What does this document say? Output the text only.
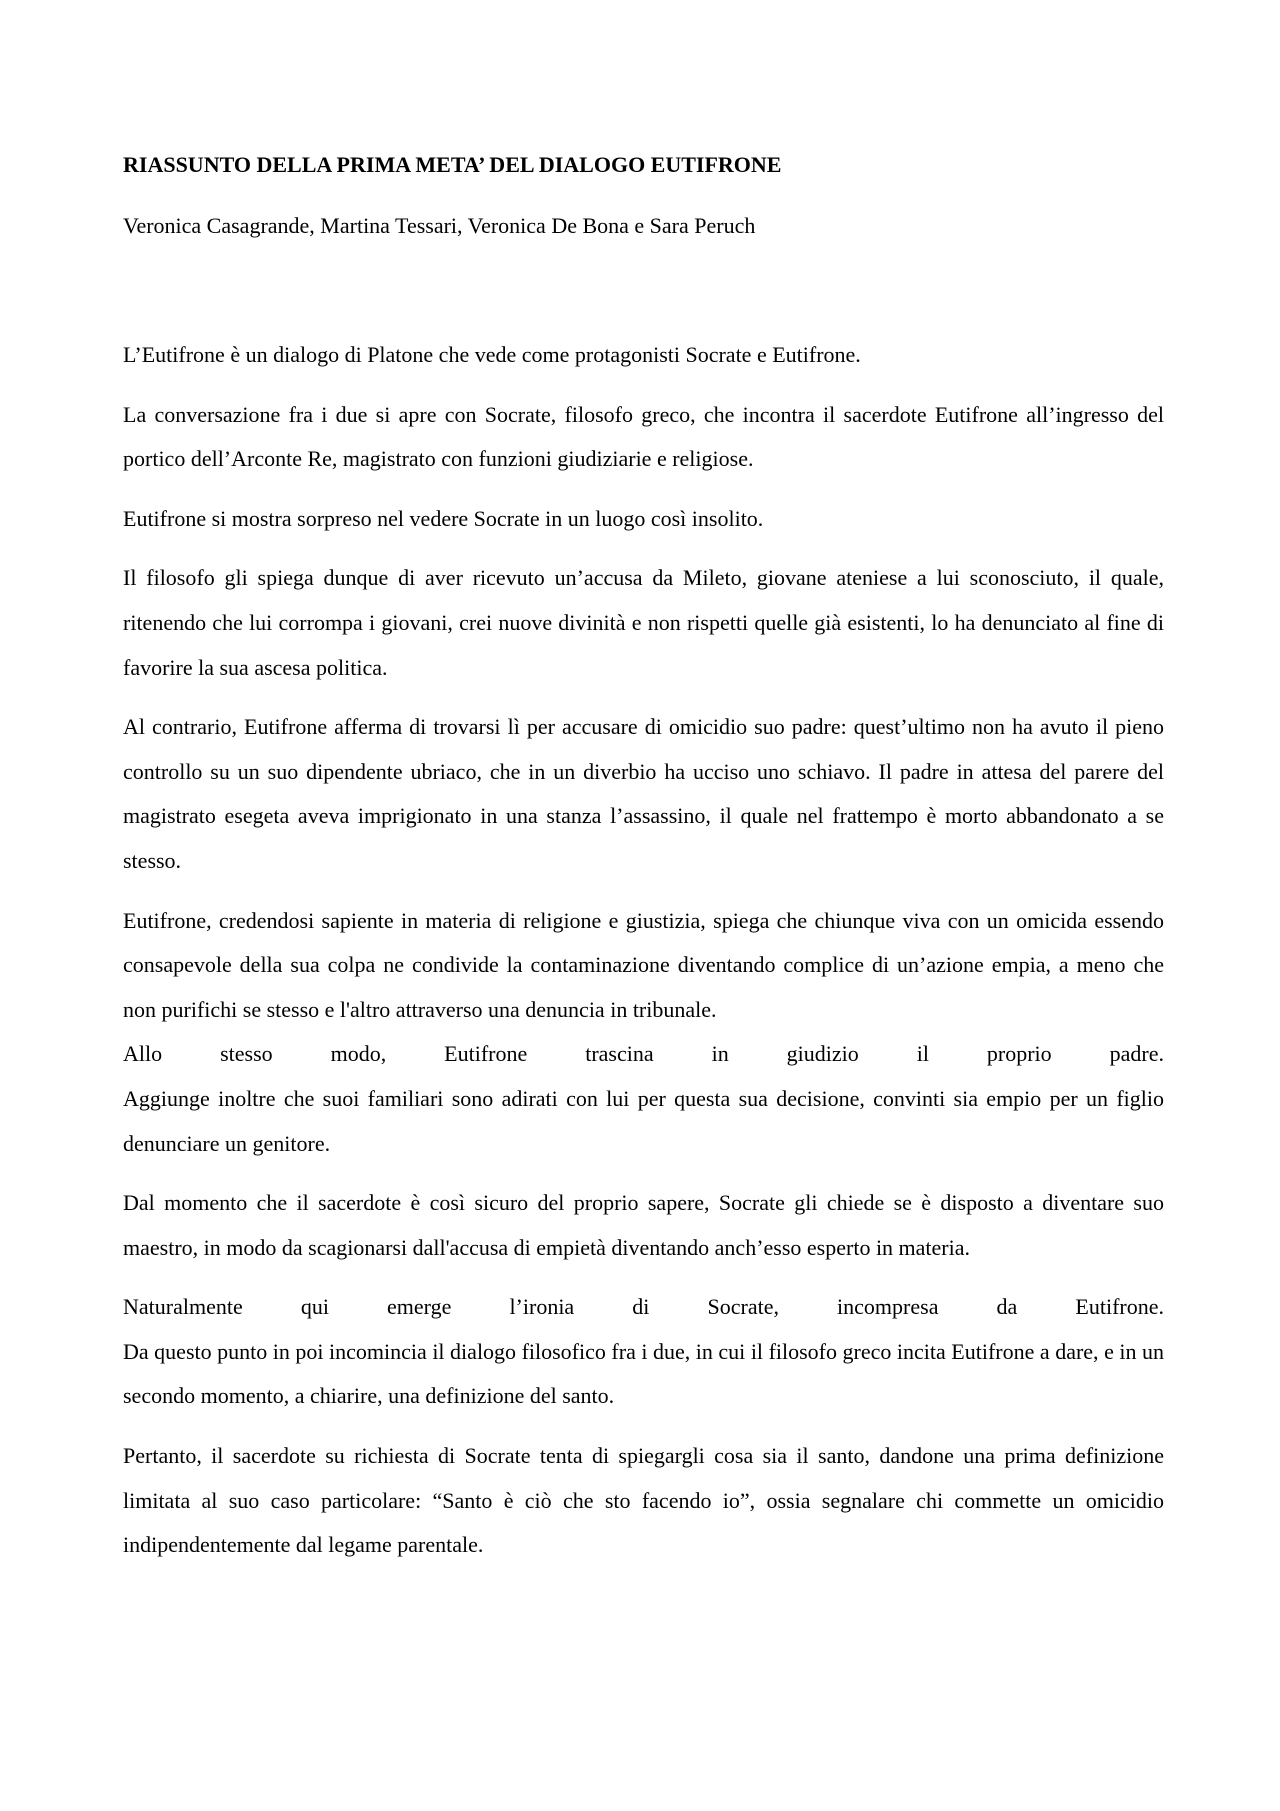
RIASSUNTO DELLA PRIMA META’ DEL DIALOGO EUTIFRONE

Veronica Casagrande, Martina Tessari, Veronica De Bona e Sara Peruch

L’Eutifrone è un dialogo di Platone che vede come protagonisti Socrate e Eutifrone.

La conversazione fra i due si apre con Socrate, filosofo greco, che incontra il sacerdote Eutifrone all’ingresso del portico dell’Arconte Re, magistrato con funzioni giudiziarie e religiose.

Eutifrone si mostra sorpreso nel vedere Socrate in un luogo così insolito.

Il filosofo gli spiega dunque di aver ricevuto un’accusa da Mileto, giovane ateniese a lui sconosciuto, il quale, ritenendo che lui corrompa i giovani, crei nuove divinità e non rispetti quelle già esistenti, lo ha denunciato al fine di favorire la sua ascesa politica.

Al contrario, Eutifrone afferma di trovarsi lì per accusare di omicidio suo padre: quest’ultimo non ha avuto il pieno controllo su un suo dipendente ubriaco, che in un diverbio ha ucciso uno schiavo. Il padre in attesa del parere del magistrato esegeta aveva imprigionato in una stanza l’assassino, il quale nel frattempo è morto abbandonato a se stesso.

Eutifrone, credendosi sapiente in materia di religione e giustizia, spiega che chiunque viva con un omicida essendo consapevole della sua colpa ne condivide la contaminazione diventando complice di un’azione empia, a meno che non purifichi se stesso e l'altro attraverso una denuncia in tribunale.
Allo stesso modo, Eutifrone trascina in giudizio il proprio padre.
Aggiunge inoltre che suoi familiari sono adirati con lui per questa sua decisione, convinti sia empio per un figlio denunciare un genitore.

Dal momento che il sacerdote è così sicuro del proprio sapere, Socrate gli chiede se è disposto a diventare suo maestro, in modo da scagionarsi dall'accusa di empietà diventando anch’esso esperto in materia.

Naturalmente qui emerge l’ironia di Socrate, incompresa da Eutifrone.
Da questo punto in poi incomincia il dialogo filosofico fra i due, in cui il filosofo greco incita Eutifrone a dare, e in un secondo momento, a chiarire, una definizione del santo.

Pertanto, il sacerdote su richiesta di Socrate tenta di spiegargli cosa sia il santo, dandone una prima definizione limitata al suo caso particolare: “Santo è ciò che sto facendo io”, ossia segnalare chi commette un omicidio indipendentemente dal legame parentale.
